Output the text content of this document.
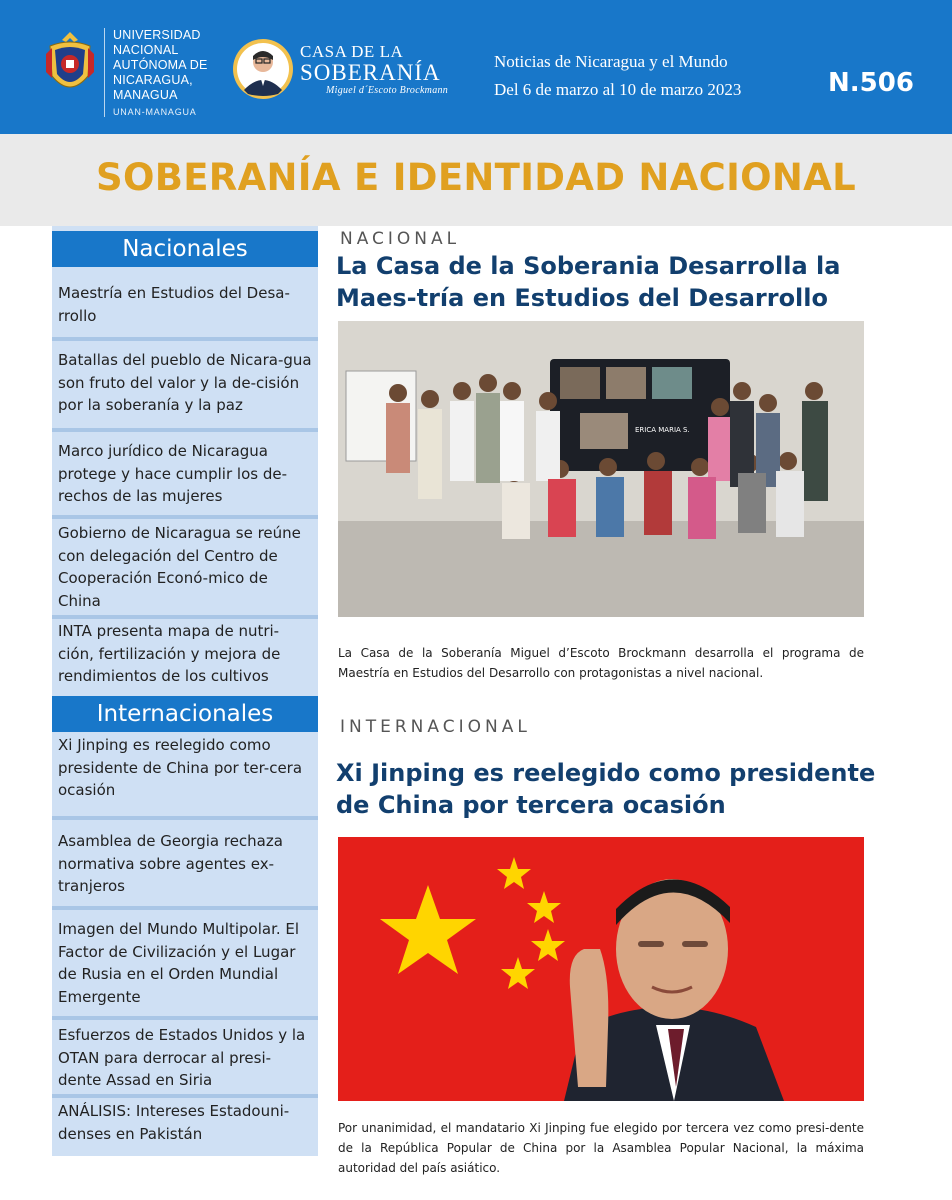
UNIVERSIDAD
NACIONAL
AUTÓNOMA DE
NICARAGUA,
MANAGUA
UNAN-MANAGUA
CASA DE LA
SOBERANÍA
Miguel d´Escoto Brockmann
Noticias de Nicaragua y el Mundo
Del 6 de marzo al 10 de marzo 2023	N.506
SOBERANÍA E IDENTIDAD NACIONAL
Nacionales
Maestría en Estudios del Desa-rrollo
Batallas del pueblo de Nicara-gua son fruto del valor y la de-cisión por la soberanía y la paz
Marco jurídico de Nicaragua protege y hace cumplir los de-rechos de las mujeres
Gobierno de Nicaragua se reúne con delegación del Centro de Cooperación Econó-mico de China
INTA presenta mapa de nutri-ción, fertilización y mejora de rendimientos de los cultivos
Internacionales
Xi Jinping es reelegido como presidente de China por ter-cera ocasión
Asamblea de Georgia rechaza normativa sobre agentes ex-tranjeros
Imagen del Mundo Multipolar. El Factor de Civilización y el Lugar de Rusia en el Orden Mundial Emergente
Esfuerzos de Estados Unidos y la OTAN para derrocar al presi-dente Assad en Siria
ANÁLISIS: Intereses Estadouni-denses en Pakistán
NACIONAL
La Casa de la Soberania Desarrolla la Maes-tría en Estudios del Desarrollo
ERICA MARIA S.
La Casa de la Soberanía Miguel d’Escoto Brockmann desarrolla el programa de Maestría en Estudios del Desarrollo con protagonistas a nivel nacional.
INTERNACIONAL
Xi Jinping es reelegido como presidente de China por tercera ocasión
Por unanimidad, el mandatario Xi Jinping fue elegido por tercera vez como presi-dente de la República Popular de China por la Asamblea Popular Nacional, la máxima autoridad del país asiático.
